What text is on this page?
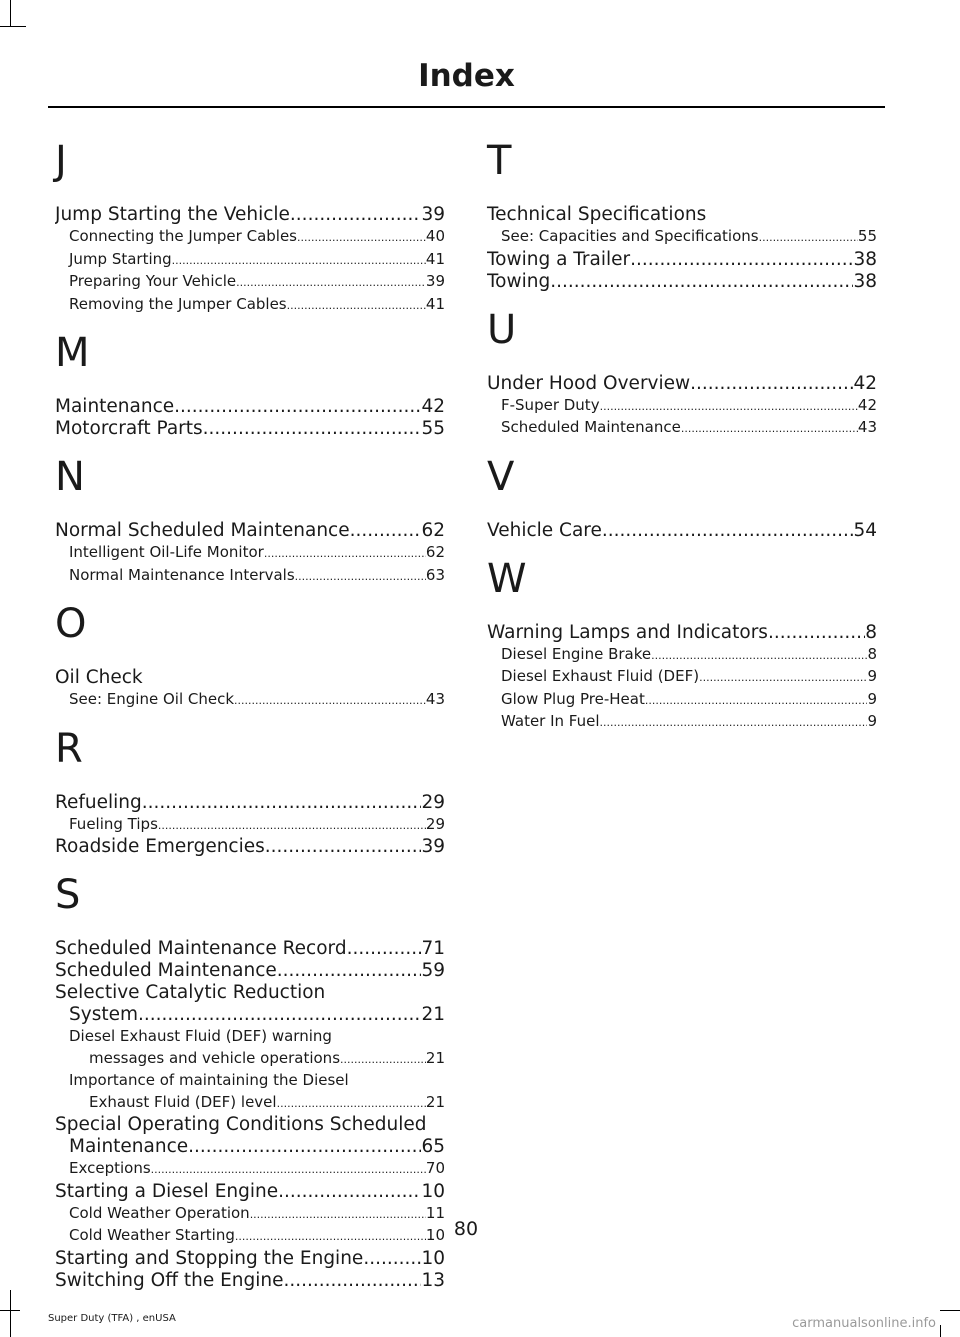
Index
J
Jump Starting the Vehicle .....	39
Connecting the Jumper Cables .....	40
Jump Starting .....	41
Preparing Your Vehicle .....	39
Removing the Jumper Cables .....	41
M
Maintenance .....	42
Motorcraft Parts .....	55
N
Normal Scheduled Maintenance .....	62
Intelligent Oil-Life Monitor .....	62
Normal Maintenance Intervals .....	63
O
Oil Check
See: Engine Oil Check .....	43
R
Refueling .....	29
Fueling Tips .....	29
Roadside Emergencies .....	39
S
Scheduled Maintenance Record .....	71
Scheduled Maintenance .....	59
Selective Catalytic Reduction
System .....	21
Diesel Exhaust Fluid (DEF) warning
messages and vehicle operations .....	21
Importance of maintaining the Diesel
Exhaust Fluid (DEF) level .....	21
Special Operating Conditions Scheduled
Maintenance .....	65
Exceptions .....	70
Starting a Diesel Engine .....	10
Cold Weather Operation .....	11
Cold Weather Starting .....	10
Starting and Stopping the Engine .....	10
Switching Off the Engine .....	13
T
Technical Specifications
See: Capacities and Specifications .....	55
Towing a Trailer .....	38
Towing .....	38
U
Under Hood Overview .....	42
F-Super Duty .....	42
Scheduled Maintenance .....	43
V
Vehicle Care .....	54
W
Warning Lamps and Indicators .....	8
Diesel Engine Brake .....	8
Diesel Exhaust Fluid (DEF) .....	9
Glow Plug Pre-Heat .....	9
Water In Fuel .....	9
80
Super Duty (TFA) , enUSA	carmanualsonline.info
